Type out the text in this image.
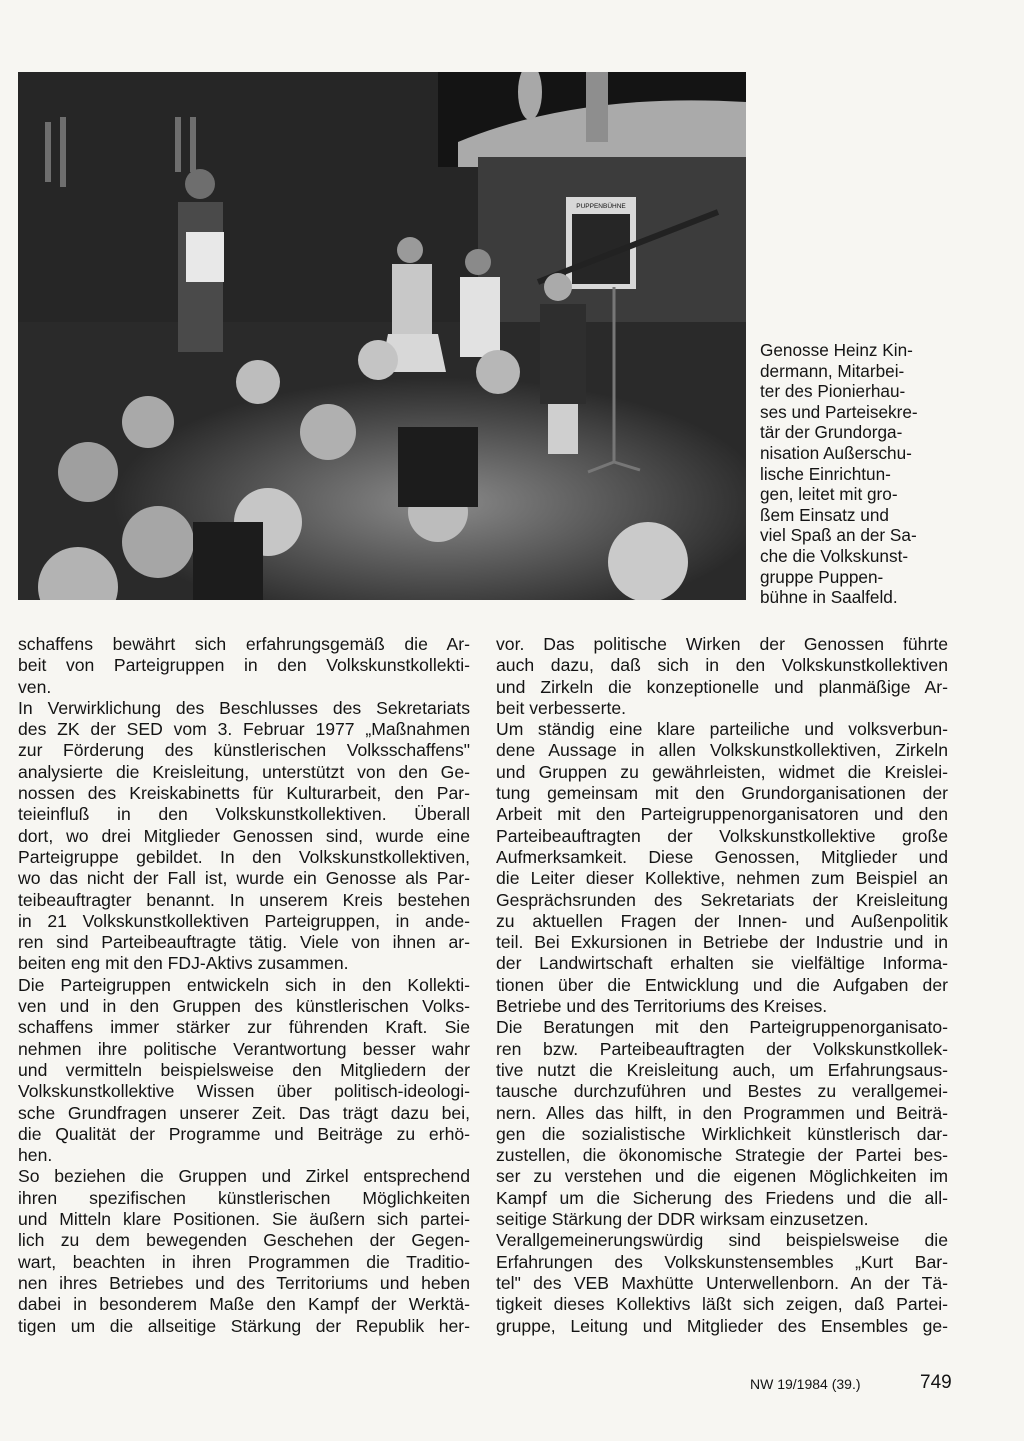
PUPPENBÜHNE
Genosse Heinz Kin-
dermann, Mitarbei-
ter des Pionierhau-
ses und Parteisekre-
tär der Grundorga-
nisation Außerschu-
lische Einrichtun-
gen, leitet mit gro-
ßem Einsatz und
viel Spaß an der Sa-
che die Volkskunst-
gruppe Puppen-
bühne in Saalfeld.
schaffens bewährt sich erfahrungsgemäß die Ar-
beit von Parteigruppen in den Volkskunstkollekti-
ven.
In Verwirklichung des Beschlusses des Sekretariats
des ZK der SED vom 3. Februar 1977 „Maßnahmen
zur Förderung des künstlerischen Volksschaffens"
analysierte die Kreisleitung, unterstützt von den Ge-
nossen des Kreiskabinetts für Kulturarbeit, den Par-
teieinfluß in den Volkskunstkollektiven. Überall
dort, wo drei Mitglieder Genossen sind, wurde eine
Parteigruppe gebildet. In den Volkskunstkollektiven,
wo das nicht der Fall ist, wurde ein Genosse als Par-
teibeauftragter benannt. In unserem Kreis bestehen
in 21 Volkskunstkollektiven Parteigruppen, in ande-
ren sind Parteibeauftragte tätig. Viele von ihnen ar-
beiten eng mit den FDJ-Aktivs zusammen.
Die Parteigruppen entwickeln sich in den Kollekti-
ven und in den Gruppen des künstlerischen Volks-
schaffens immer stärker zur führenden Kraft. Sie
nehmen ihre politische Verantwortung besser wahr
und vermitteln beispielsweise den Mitgliedern der
Volkskunstkollektive Wissen über politisch-ideologi-
sche Grundfragen unserer Zeit. Das trägt dazu bei,
die Qualität der Programme und Beiträge zu erhö-
hen.
So beziehen die Gruppen und Zirkel entsprechend
ihren spezifischen künstlerischen Möglichkeiten
und Mitteln klare Positionen. Sie äußern sich partei-
lich zu dem bewegenden Geschehen der Gegen-
wart, beachten in ihren Programmen die Traditio-
nen ihres Betriebes und des Territoriums und heben
dabei in besonderem Maße den Kampf der Werktä-
tigen um die allseitige Stärkung der Republik her-
vor. Das politische Wirken der Genossen führte
auch dazu, daß sich in den Volkskunstkollektiven
und Zirkeln die konzeptionelle und planmäßige Ar-
beit verbesserte.
Um ständig eine klare parteiliche und volksverbun-
dene Aussage in allen Volkskunstkollektiven, Zirkeln
und Gruppen zu gewährleisten, widmet die Kreislei-
tung gemeinsam mit den Grundorganisationen der
Arbeit mit den Parteigruppenorganisatoren und den
Parteibeauftragten der Volkskunstkollektive große
Aufmerksamkeit. Diese Genossen, Mitglieder und
die Leiter dieser Kollektive, nehmen zum Beispiel an
Gesprächsrunden des Sekretariats der Kreisleitung
zu aktuellen Fragen der Innen- und Außenpolitik
teil. Bei Exkursionen in Betriebe der Industrie und in
der Landwirtschaft erhalten sie vielfältige Informa-
tionen über die Entwicklung und die Aufgaben der
Betriebe und des Territoriums des Kreises.
Die Beratungen mit den Parteigruppenorganisato-
ren bzw. Parteibeauftragten der Volkskunstkollek-
tive nutzt die Kreisleitung auch, um Erfahrungsaus-
tausche durchzuführen und Bestes zu verallgemei-
nern. Alles das hilft, in den Programmen und Beiträ-
gen die sozialistische Wirklichkeit künstlerisch dar-
zustellen, die ökonomische Strategie der Partei bes-
ser zu verstehen und die eigenen Möglichkeiten im
Kampf um die Sicherung des Friedens und die all-
seitige Stärkung der DDR wirksam einzusetzen.
Verallgemeinerungswürdig sind beispielsweise die
Erfahrungen des Volkskunstensembles „Kurt Bar-
tel" des VEB Maxhütte Unterwellenborn. An der Tä-
tigkeit dieses Kollektivs läßt sich zeigen, daß Partei-
gruppe, Leitung und Mitglieder des Ensembles ge-

NW 19/1984 (39.)	749
